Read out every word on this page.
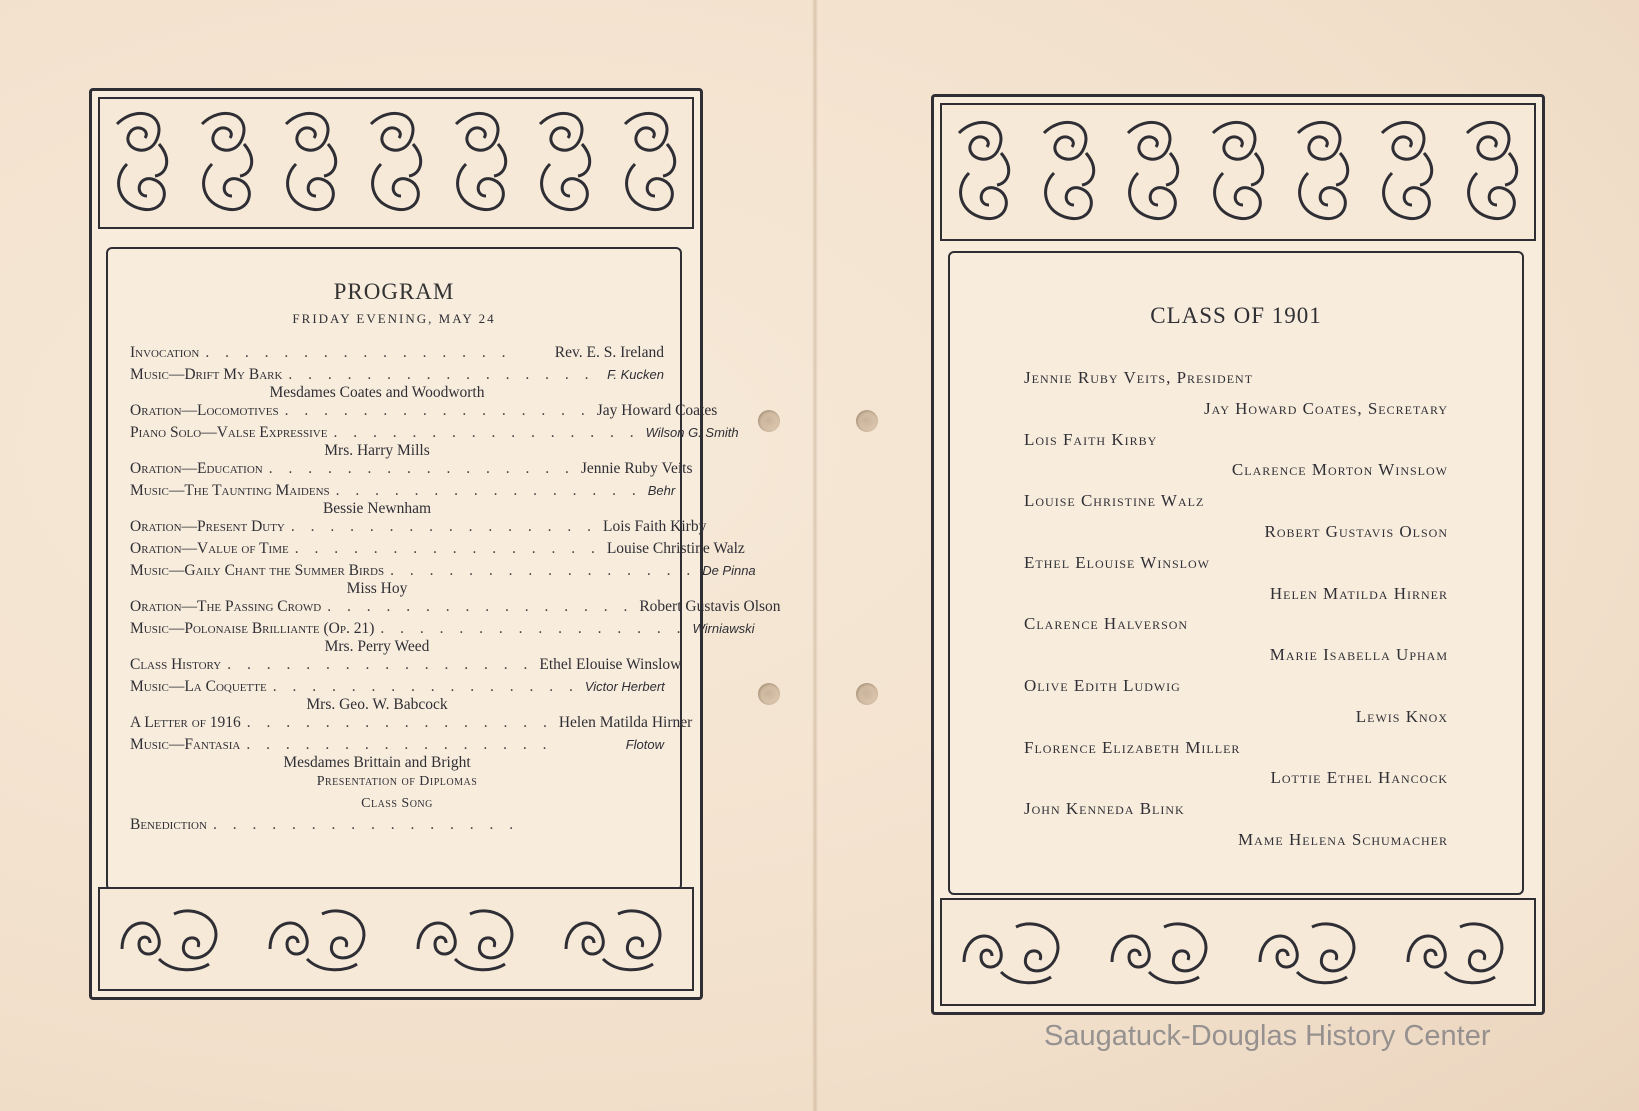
PROGRAM
FRIDAY EVENING, MAY 24
Invocation . . . . . . . . . . . . . . . .	Rev. E. S. Ireland
Music—Drift My Bark . . . . . . . . . . . . . . . . F. Kucken
Mesdames Coates and Woodworth
Oration—Locomotives . . . . . . . . . . . . . . . . Jay Howard Coates
Piano Solo—Valse Expressive . . . . . . . . . . . . . . . . Wilson G. Smith
Mrs. Harry Mills
Oration—Education . . . . . . . . . . . . . . . . Jennie Ruby Veits
Music—The Taunting Maidens . . . . . . . . . . . . . . . . Behr
Bessie Newnham
Oration—Present Duty . . . . . . . . . . . . . . . . Lois Faith Kirby
Oration—Value of Time . . . . . . . . . . . . . . . . Louise Christine Walz
Music—Gaily Chant the Summer Birds . . . . . . . . . . . . . . . . De Pinna
Miss Hoy
Oration—The Passing Crowd . . . . . . . . . . . . . . . . Robert Gustavis Olson
Music—Polonaise Brilliante (Op. 21) . . . . . . . . . . . . . . . . Wirniawski
Mrs. Perry Weed
Class History . . . . . . . . . . . . . . . . Ethel Elouise Winslow
Music—La Coquette . . . . . . . . . . . . . . . . Victor Herbert
Mrs. Geo. W. Babcock
A Letter of 1916 . . . . . . . . . . . . . . . . Helen Matilda Hirner
Music—Fantasia . . . . . . . . . . . . . . . .	Flotow
Mesdames Brittain and Bright
Presentation of Diplomas
Class Song
Benediction . . . . . . . . . . . . . . . .
CLASS OF 1901
Jennie Ruby Veits, President
Jay Howard Coates, Secretary
Lois Faith Kirby
Clarence Morton Winslow
Louise Christine Walz
Robert Gustavis Olson
Ethel Elouise Winslow
Helen Matilda Hirner
Clarence Halverson
Marie Isabella Upham
Olive Edith Ludwig
Lewis Knox
Florence Elizabeth Miller
Lottie Ethel Hancock
John Kenneda Blink
Mame Helena Schumacher
Saugatuck-Douglas History Center
